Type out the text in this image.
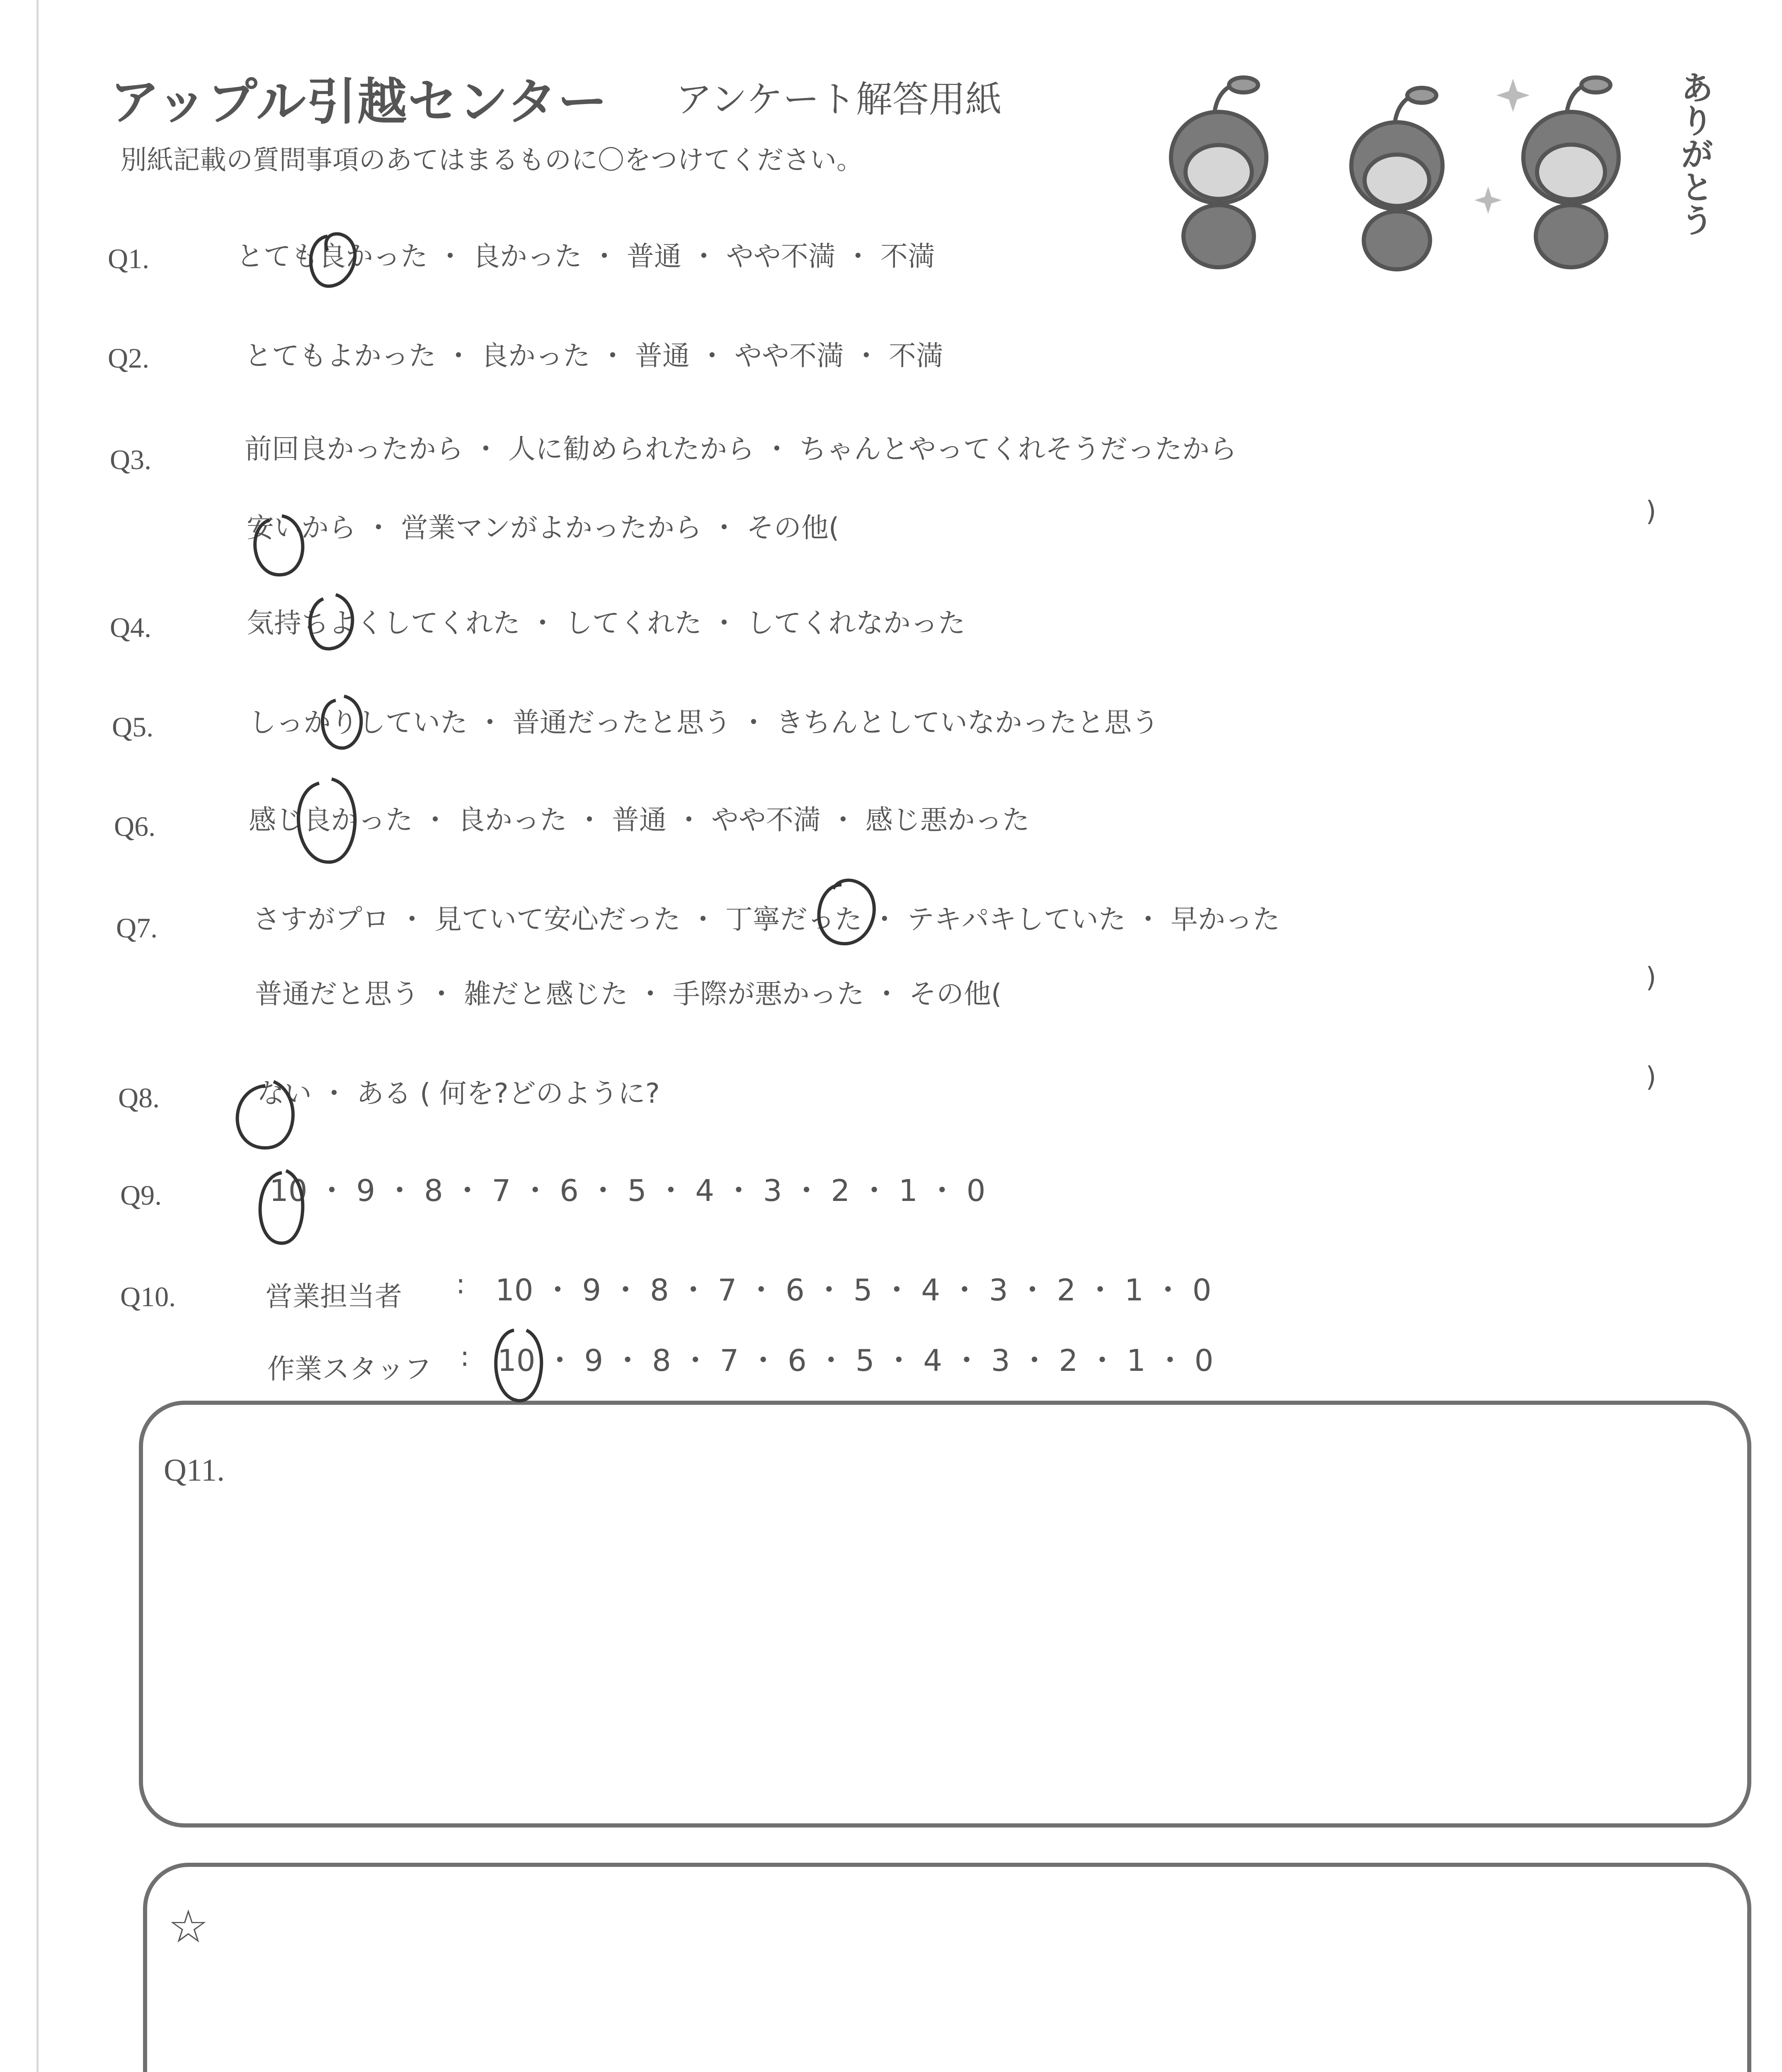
アップル引越センター アンケート解答用紙
別紙記載の質問事項のあてはまるものに〇をつけてください。	ありがとう
Q1.	とても良かった ・ 良かった ・ 普通 ・ やや不満 ・ 不満
Q2.	とてもよかった ・ 良かった ・ 普通 ・ やや不満 ・ 不満
Q3.	前回良かったから ・ 人に勧められたから ・ ちゃんとやってくれそうだったから
安いから ・ 営業マンがよかったから ・ その他(
)
Q4.	気持ちよくしてくれた ・ してくれた ・ してくれなかった
Q5.	しっかりしていた ・ 普通だったと思う ・ きちんとしていなかったと思う
Q6.	感じ良かった ・ 良かった ・ 普通 ・ やや不満 ・ 感じ悪かった
Q7.	さすがプロ ・ 見ていて安心だった ・ 丁寧だった ・ テキパキしていた ・ 早かった
普通だと思う ・ 雑だと感じた ・ 手際が悪かった ・ その他(
)
Q8.	ない ・ ある ( 何を?どのように?
)
Q9.	10 ・ 9 ・ 8 ・ 7 ・ 6 ・ 5 ・ 4 ・ 3 ・ 2 ・ 1 ・ 0
Q10.	営業担当者 : 10 ・ 9 ・ 8 ・ 7 ・ 6 ・ 5 ・ 4 ・ 3 ・ 2 ・ 1 ・ 0
作業スタッフ : 10 ・ 9 ・ 8 ・ 7 ・ 6 ・ 5 ・ 4 ・ 3 ・ 2 ・ 1 ・ 0
Q11.
☆
